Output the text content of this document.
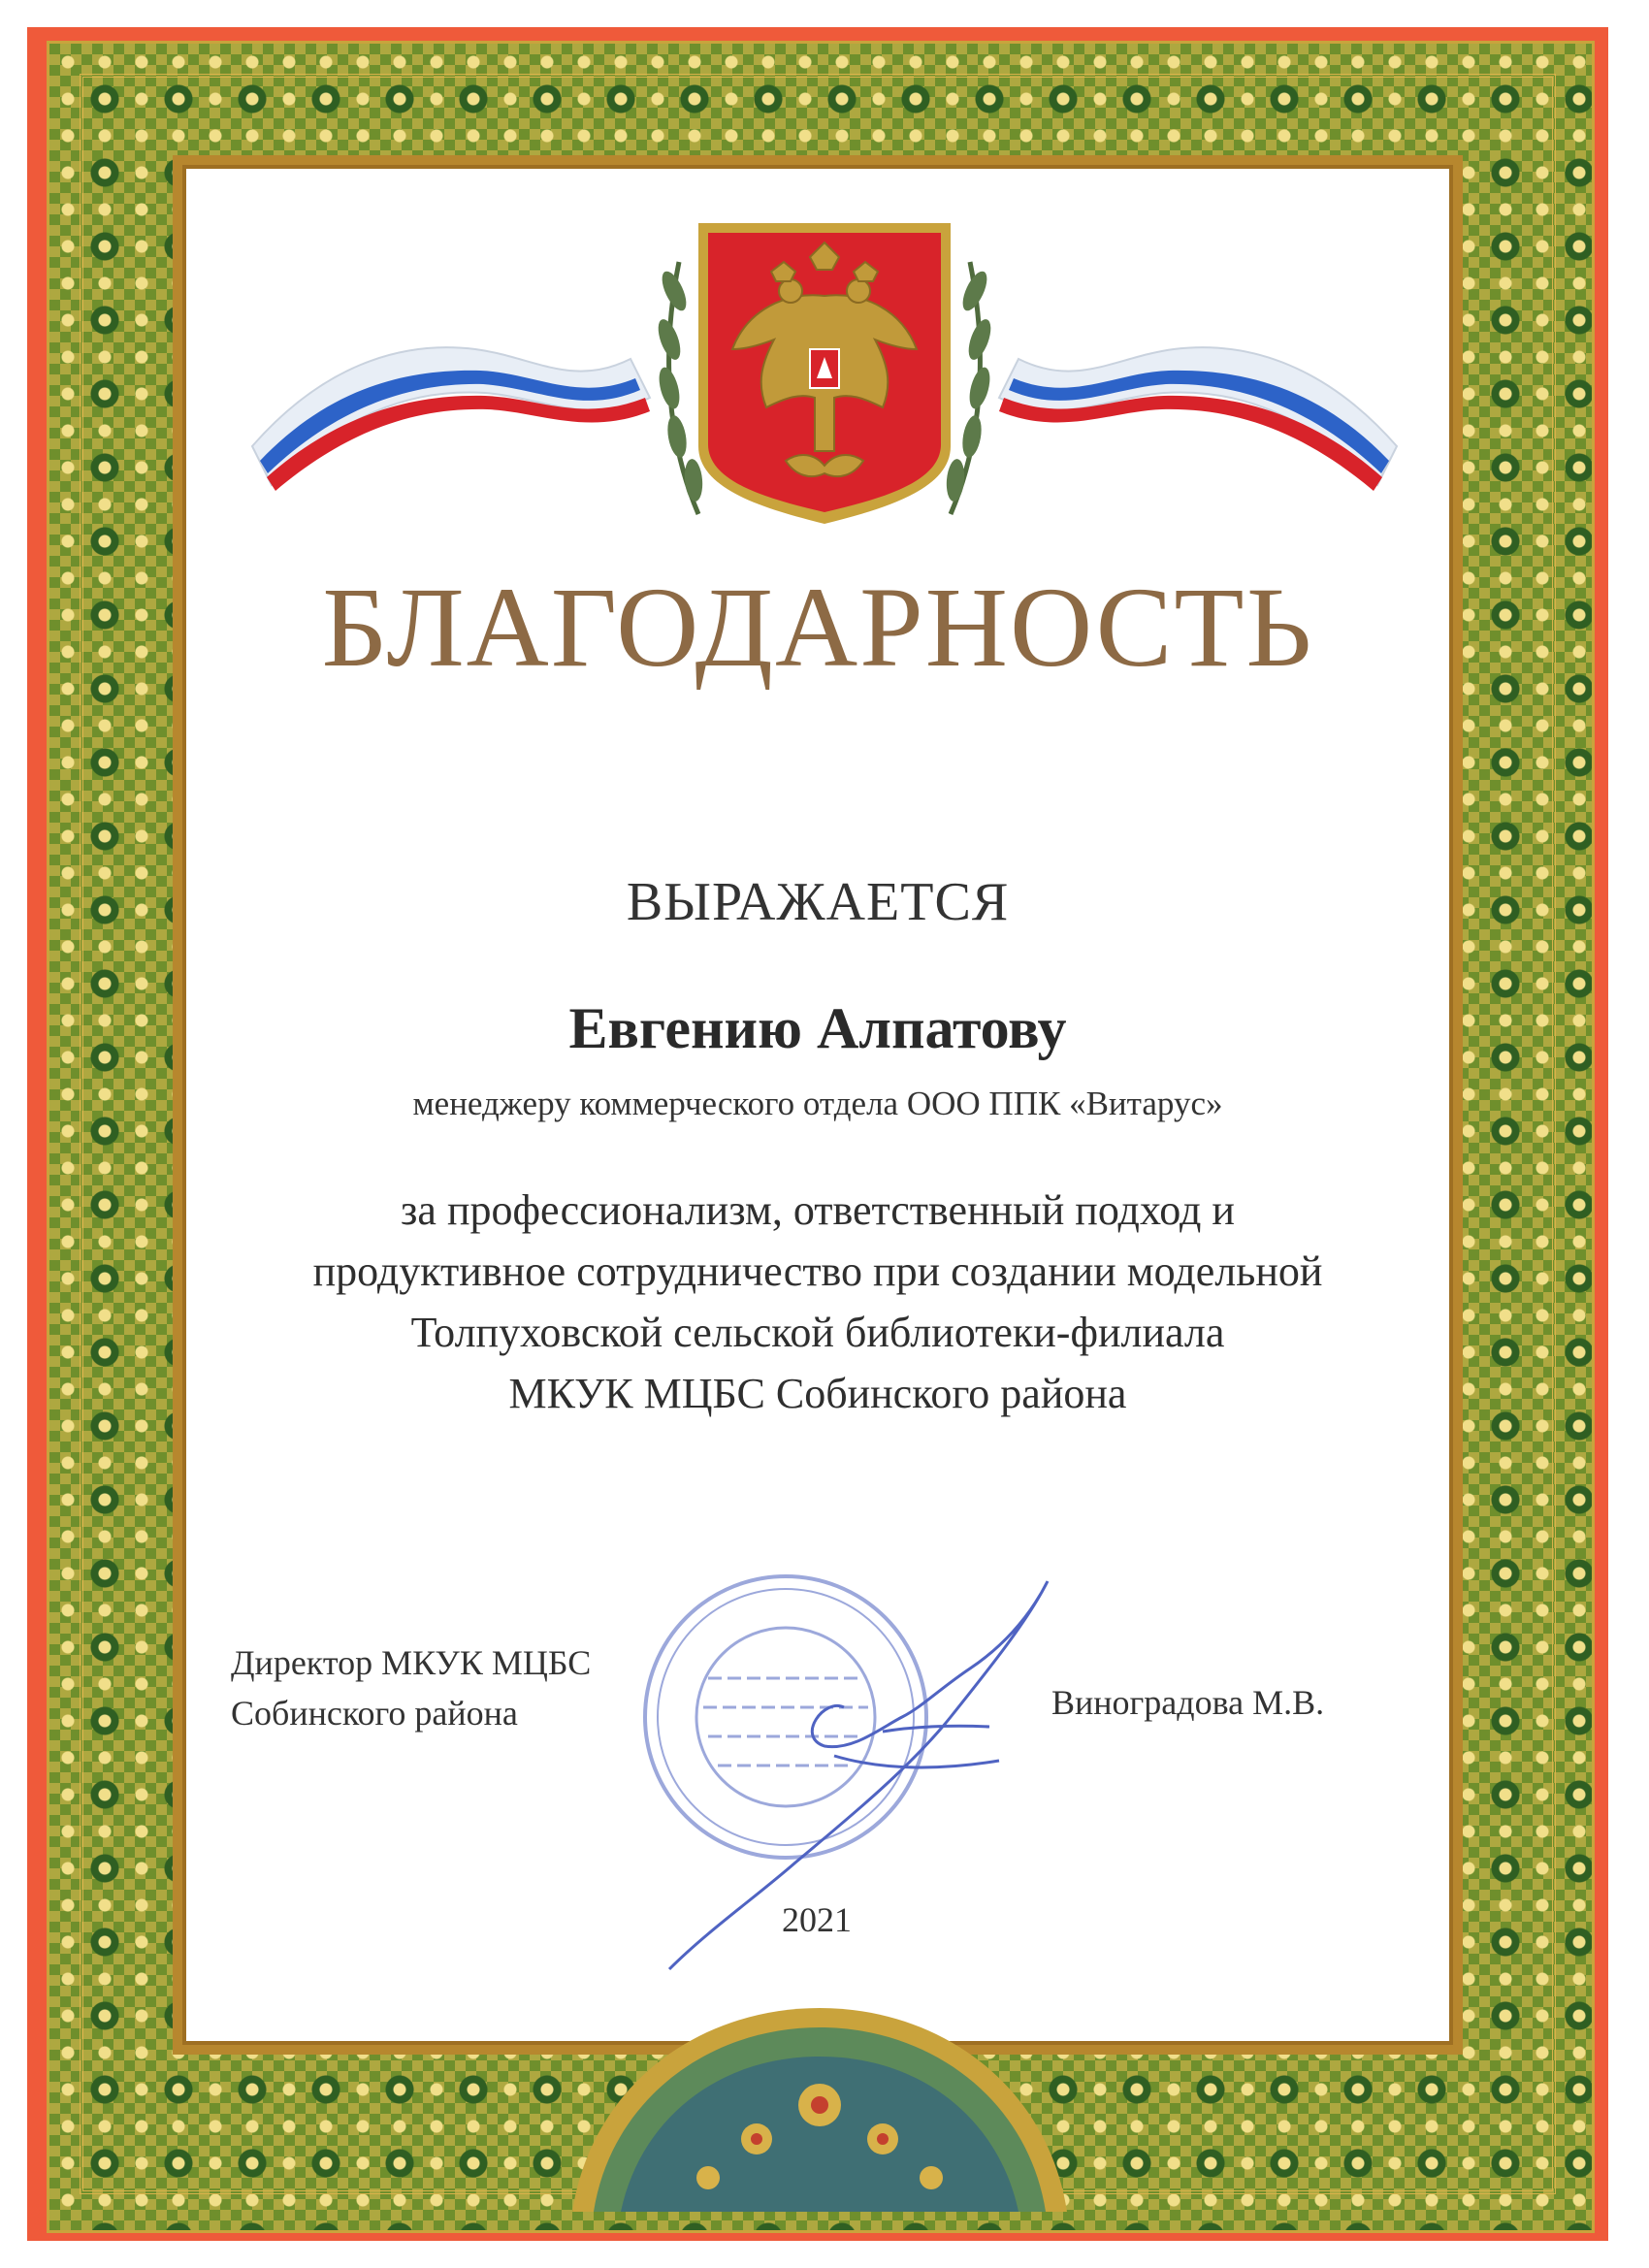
БЛАГОДАРНОСТЬ
ВЫРАЖАЕТСЯ
Евгению Алпатову
менеджеру коммерческого отдела ООО ППК «Витарус»
за профессионализм, ответственный подход и
продуктивное сотрудничество при создании модельной
Толпуховской сельской библиотеки-филиала
МКУК МЦБС Собинского района
Директор МКУК МЦБС
Собинского района	Виноградова М.В.
2021
